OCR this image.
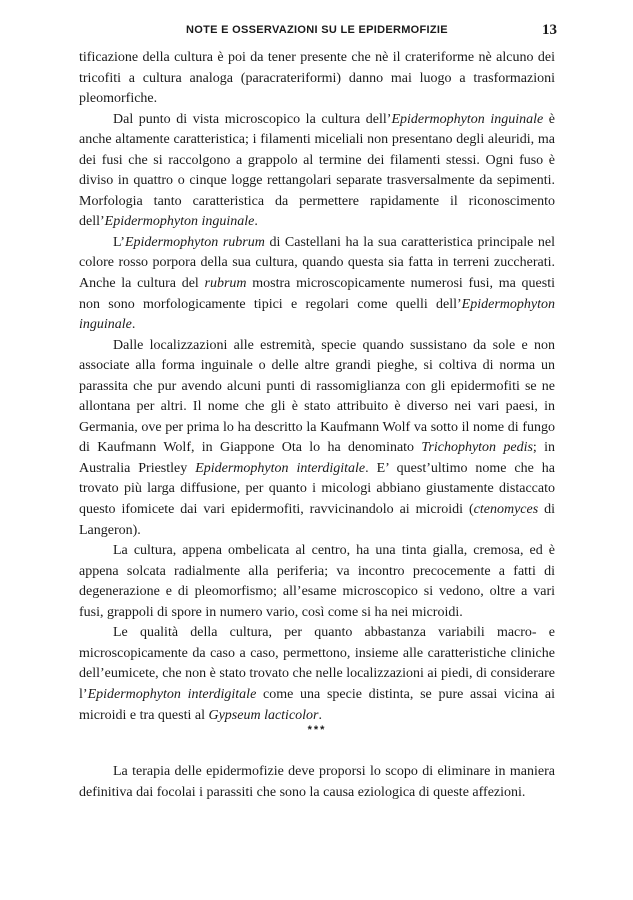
NOTE E OSSERVAZIONI SU LE EPIDERMOFIZIE	13

tificazione della cultura è poi da tener presente che nè il crateriforme nè alcuno dei tricofiti a cultura analoga (paracrateriformi) danno mai luogo a trasformazioni pleomorfiche.

Dal punto di vista microscopico la cultura dell’Epidermophyton inguinale è anche altamente caratteristica; i filamenti miceliali non presentano degli aleuridi, ma dei fusi che si raccolgono a grappolo al termine dei filamenti stessi. Ogni fuso è diviso in quattro o cinque logge rettangolari separate trasversalmente da sepimenti. Morfologia tanto caratteristica da permettere rapidamente il riconoscimento dell’Epidermophyton inguinale.

L’Epidermophyton rubrum di Castellani ha la sua caratteristica principale nel colore rosso porpora della sua cultura, quando questa sia fatta in terreni zuccherati. Anche la cultura del rubrum mostra microscopicamente numerosi fusi, ma questi non sono morfologicamente tipici e regolari come quelli dell’Epidermophyton inguinale.

Dalle localizzazioni alle estremità, specie quando sussistano da sole e non associate alla forma inguinale o delle altre grandi pieghe, si coltiva di norma un parassita che pur avendo alcuni punti di rassomiglianza con gli epidermofiti se ne allontana per altri. Il nome che gli è stato attribuito è diverso nei vari paesi, in Germania, ove per prima lo ha descritto la Kaufmann Wolf va sotto il nome di fungo di Kaufmann Wolf, in Giappone Ota lo ha denominato Trichophyton pedis; in Australia Priestley Epidermophyton interdigitale. E’ quest’ultimo nome che ha trovato più larga diffusione, per quanto i micologi abbiano giustamente distaccato questo ifomicete dai vari epidermofiti, ravvicinandolo ai microidi (ctenomyces di Langeron).

La cultura, appena ombelicata al centro, ha una tinta gialla, cremosa, ed è appena solcata radialmente alla periferia; va incontro precocemente a fatti di degenerazione e di pleomorfismo; all’esame microscopico si vedono, oltre a vari fusi, grappoli di spore in numero vario, così come si ha nei microidi.

Le qualità della cultura, per quanto abbastanza variabili macro- e microscopicamente da caso a caso, permettono, insieme alle caratteristiche cliniche dell’eumicete, che non è stato trovato che nelle localizzazioni ai piedi, di considerare l’Epidermophyton interdigitale come una specie distinta, se pure assai vicina ai microidi e tra questi al Gypseum lacticolor.

***

La terapia delle epidermofizie deve proporsi lo scopo di eliminare in maniera definitiva dai focolai i parassiti che sono la causa eziologica di queste affezioni.
